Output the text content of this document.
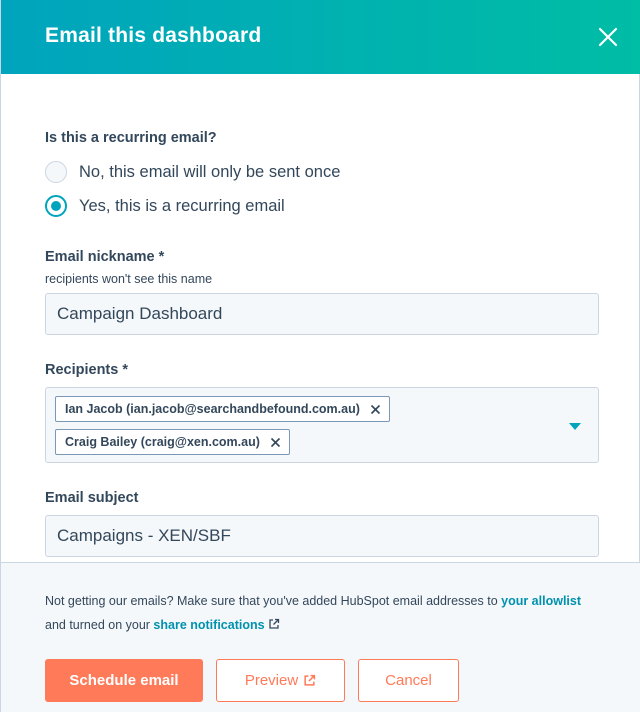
Email this dashboard
Is this a recurring email?
No, this email will only be sent once
Yes, this is a recurring email
Email nickname *
recipients won't see this name
Campaign Dashboard
Recipients *
Email subject
Campaigns - XEN/SBF
Ian Jacob (ian.jacob@searchandbefound.com.au)
Craig Bailey (craig@xen.com.au)
Not getting our emails? Make sure that you've added HubSpot email addresses to your allowlist and turned on your share notifications
Schedule email	Preview	Cancel
